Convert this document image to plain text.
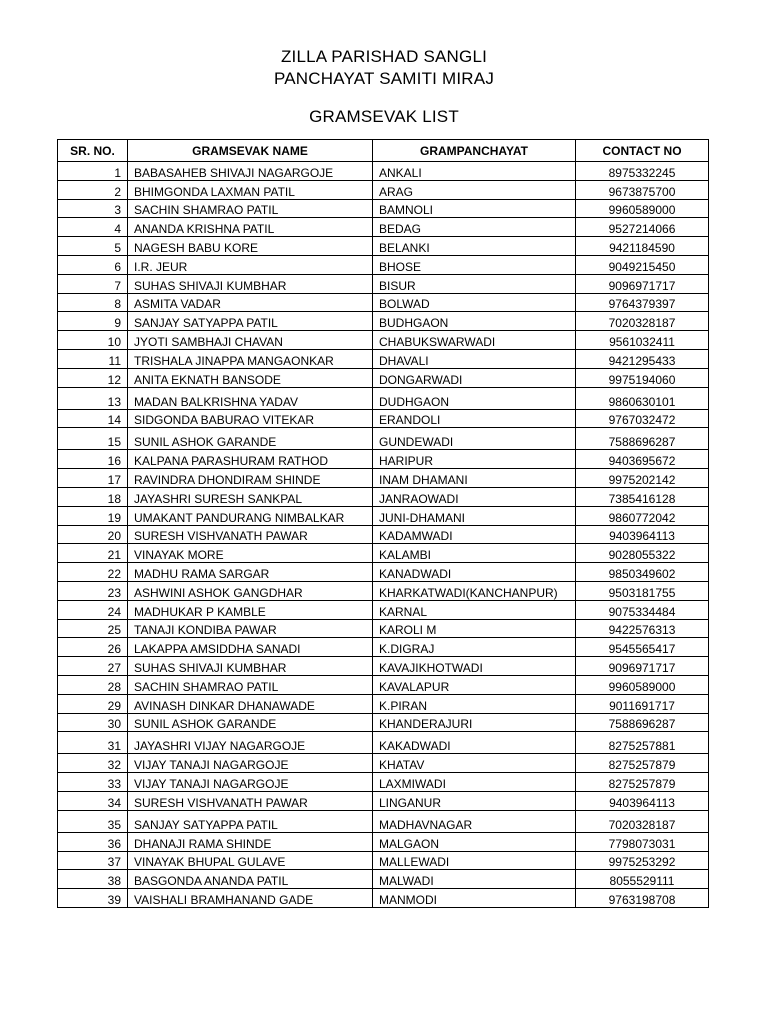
ZILLA PARISHAD SANGLI
PANCHAYAT SAMITI MIRAJ
GRAMSEVAK LIST
SR. NO.	GRAMSEVAK NAME	GRAMPANCHAYAT	CONTACT NO
1	BABASAHEB SHIVAJI NAGARGOJE	ANKALI	8975332245
2	BHIMGONDA LAXMAN PATIL	ARAG	9673875700
3	SACHIN SHAMRAO PATIL	BAMNOLI	9960589000
4	ANANDA KRISHNA PATIL	BEDAG	9527214066
5	NAGESH BABU KORE	BELANKI	9421184590
6	I.R. JEUR	BHOSE	9049215450
7	SUHAS SHIVAJI KUMBHAR	BISUR	9096971717
8	ASMITA VADAR	BOLWAD	9764379397
9	SANJAY SATYAPPA PATIL	BUDHGAON	7020328187
10	JYOTI SAMBHAJI CHAVAN	CHABUKSWARWADI	9561032411
11	TRISHALA JINAPPA MANGAONKAR	DHAVALI	9421295433
12	ANITA EKNATH BANSODE	DONGARWADI	9975194060
13	MADAN BALKRISHNA YADAV	DUDHGAON	9860630101
14	SIDGONDA BABURAO VITEKAR	ERANDOLI	9767032472
15	SUNIL ASHOK GARANDE	GUNDEWADI	7588696287
16	KALPANA PARASHURAM RATHOD	HARIPUR	9403695672
17	RAVINDRA DHONDIRAM SHINDE	INAM DHAMANI	9975202142
18	JAYASHRI SURESH SANKPAL	JANRAOWADI	7385416128
19	UMAKANT PANDURANG NIMBALKAR	JUNI-DHAMANI	9860772042
20	SURESH VISHVANATH PAWAR	KADAMWADI	9403964113
21	VINAYAK MORE	KALAMBI	9028055322
22	MADHU RAMA SARGAR	KANADWADI	9850349602
23	ASHWINI ASHOK GANGDHAR	KHARKATWADI(KANCHANPUR)	9503181755
24	MADHUKAR P KAMBLE	KARNAL	9075334484
25	TANAJI KONDIBA PAWAR	KAROLI M	9422576313
26	LAKAPPA AMSIDDHA SANADI	K.DIGRAJ	9545565417
27	SUHAS SHIVAJI KUMBHAR	KAVAJIKHOTWADI	9096971717
28	SACHIN SHAMRAO PATIL	KAVALAPUR	9960589000
29	AVINASH DINKAR DHANAWADE	K.PIRAN	9011691717
30	SUNIL ASHOK GARANDE	KHANDERAJURI	7588696287
31	JAYASHRI VIJAY NAGARGOJE	KAKADWADI	8275257881
32	VIJAY TANAJI NAGARGOJE	KHATAV	8275257879
33	VIJAY TANAJI NAGARGOJE	LAXMIWADI	8275257879
34	SURESH VISHVANATH PAWAR	LINGANUR	9403964113
35	SANJAY SATYAPPA PATIL	MADHAVNAGAR	7020328187
36	DHANAJI RAMA SHINDE	MALGAON	7798073031
37	VINAYAK BHUPAL GULAVE	MALLEWADI	9975253292
38	BASGONDA ANANDA PATIL	MALWADI	8055529111
39	VAISHALI BRAMHANAND GADE	MANMODI	9763198708
